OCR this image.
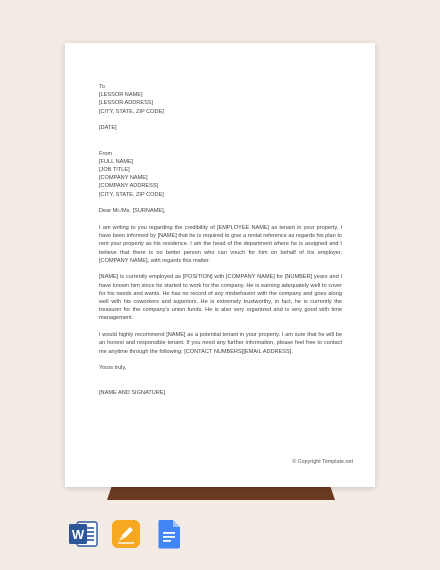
To
[LESSOR NAME]
[LESSOR ADDRESS]
[CITY, STATE, ZIP CODE]
[DATE]
From
[FULL NAME]
[JOB TITLE]
[COMPANY NAME]
[COMPANY ADDRESS]
[CITY, STATE, ZIP CODE]
Dear Mr./Ms. [SURNAME],

I am writing to you regarding the credibility of [EMPLOYEE NAME] as tenant in your property. I have been informed by [NAME] that he is required to give a rental reference as regards his plan to rent your property as his residence. I am the head of the department where he is assigned and I believe that there is no better person who can vouch for him on behalf of his employer, [COMPANY NAME], with regards this matter.

[NAME] is currently employed as [POSITION] with [COMPANY NAME] for [NUMBER] years and I have known him since he started to work for the company. He is earning adequately well to cover for his needs and wants. He has no record of any misbehavior with the company and goes along well with his coworkers and superiors. He is extremely trustworthy, in fact, he is currently the treasurer for the company's union funds. He is also very organized and is very good with time management.

I would highly recommend [NAME] as a potential tenant in your property. I am sure that he will be an honest and responsible tenant. If you need any further information, please feel free to contact me anytime through the following: [CONTACT NUMBERS][EMAIL ADDRESS].

Yours truly,
[NAME AND SIGNATURE]
© Copyright Template.net
W
